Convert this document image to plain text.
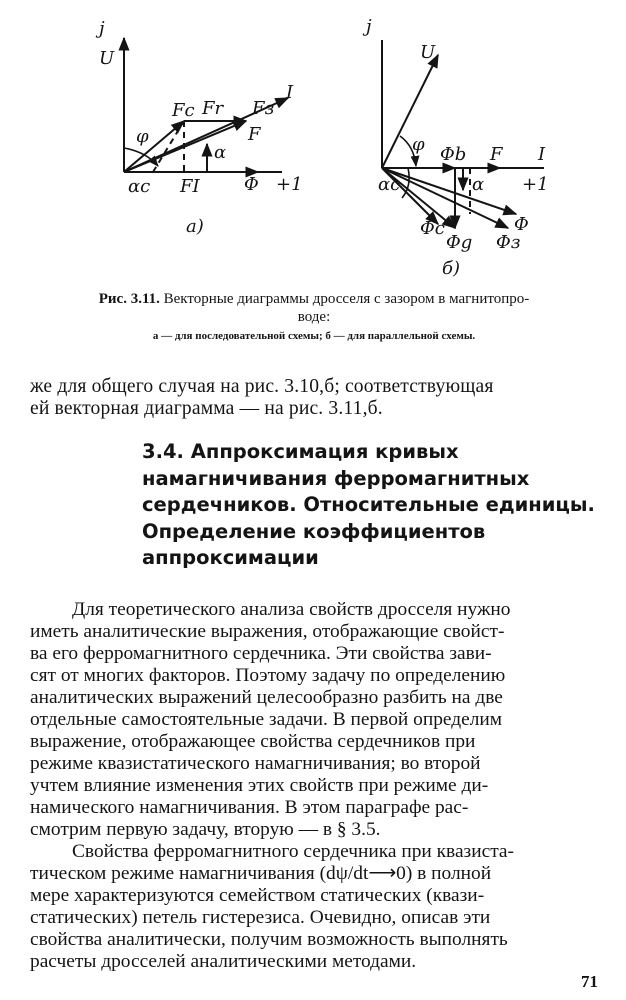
j
U
Fc Fr Fз
I
F
φ
α
αc FI Φ +1
а)
j
U
φ Φb F I
α +1
αc
Φc
Φg Φз
Φ
б)
Рис. 3.11. Векторные диаграммы дросселя с зазором в магнитопро-
воде:
а — для последовательной схемы; б — для параллельной схемы.
же для общего случая на рис. 3.10,б; соответствующая
ей векторная диаграмма — на рис. 3.11,б.
3.4. Аппроксимация кривых
намагничивания ферромагнитных
сердечников. Относительные единицы.
Определение коэффициентов
аппроксимации
Для теоретического анализа свойств дросселя нужно
иметь аналитические выражения, отображающие свойст-
ва его ферромагнитного сердечника. Эти свойства зави-
сят от многих факторов. Поэтому задачу по определению
аналитических выражений целесообразно разбить на две
отдельные самостоятельные задачи. В первой определим
выражение, отображающее свойства сердечников при
режиме квазистатического намагничивания; во второй
учтем влияние изменения этих свойств при режиме ди-
намического намагничивания. В этом параграфе рас-
смотрим первую задачу, вторую — в § 3.5.
Свойства ферромагнитного сердечника при квазиста-
тическом режиме намагничивания (dψ/dt⟶0) в полной
мере характеризуются семейством статических (квази-
статических) петель гистерезиса. Очевидно, описав эти
свойства аналитически, получим возможность выполнять
расчеты дросселей аналитическими методами.
71
